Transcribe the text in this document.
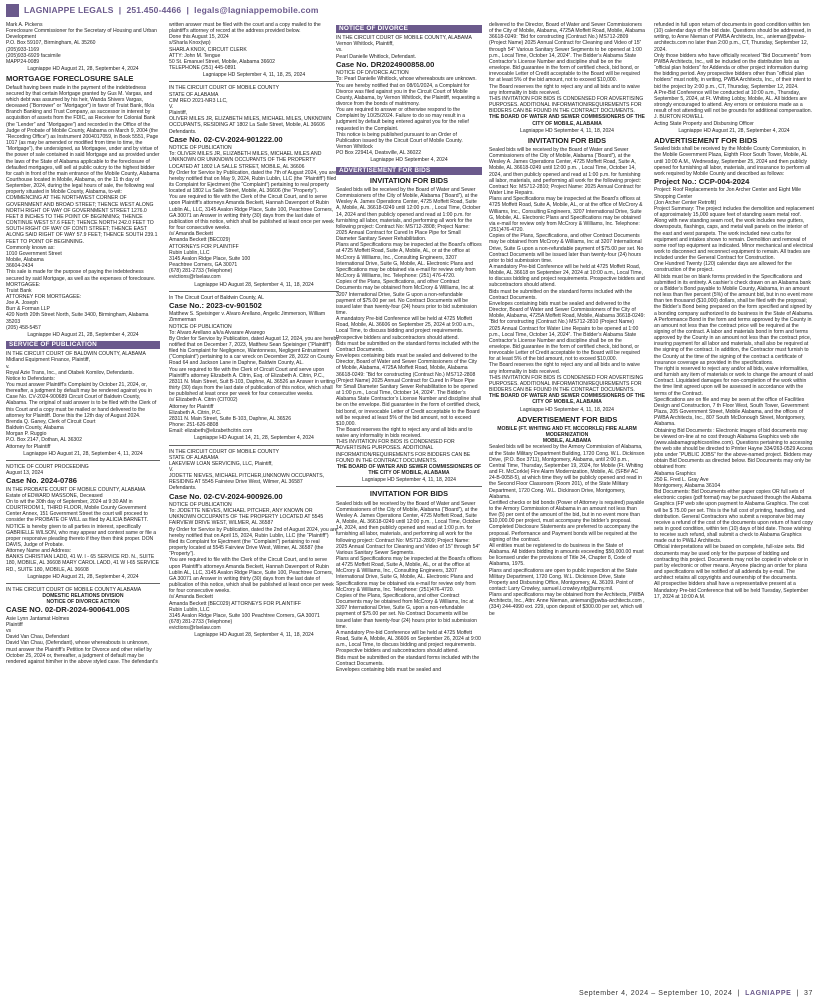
LAGNIAPPE LEGALS  |  251.450-4466  |  legals@lagniappemobile.com
Mark A. Pickens
Foreclosure Commissioner for the Secretary of Housing and Urban Development
P.O. Box 59107, Birmingham, AL 35260
(205)933-1169
(205)933-6929 facsimile
MAPP24-0089
Lagniappe HD August 21, 28, September 4, 2024
MORTGAGE FORECLOSURE SALE
Default having been made in the payment of the indebtedness secured by that certain Mortgage granted by Gus M. Vargas, and which debt was assumed by his heir, Wanda Shivers Vargas, deceased (“Borrower” or “Mortgagor”) in favor of Truist Bank, f/k/a Branch Banking and Trust Company, as successor in interest by acquisition of assets from the FDIC, as Receiver for Colonial Bank (the “Lender” and “Mortgagee”) and recorded in the Office of the Judge of Probate of Mobile County, Alabama on March 9, 2004 (the “Recording Office”) as Instrument 2004017059, in Book 5551, Page 1017 (as may be amended or modified from time to time, the “Mortgage”), the undersigned, as Mortgagee, under and by virtue of the power of sale contained in said Mortgage and as provided under the laws of the State of Alabama applicable to the foreclosure of defaulted mortgages, will sell at public outcry to the highest bidder for cash in front of the main entrance of the Mobile County, Alabama Courthouse located in Mobile, Alabama, on the 11 th day of September, 2024, during the legal hours of sale, the following real property situated in Mobile County, Alabama, to-wit:
COMMENCING AT THE NORTHWEST CORNER OF GOVERNMENT AND BROAD STREET; THENCE WEST ALONG NORTH RIGHT OF WAY OF GOVERNMENT STREET 1276.0 FEET 8 INCHES TO THE POINT OF BEGINNING; THENCE CONTINUE WEST 57.6 FEET; THENCE NORTH 242.0 FEET TO SOUTH RIGHT OF WAY OF CONTI STREET; THENCE EAST ALONG SAID RIGHT OF WAY 57.9 FEET; THENCE SOUTH 239.1 FEET TO POINT OF BEGINNING.
Commonly known as:
1010 Government Street
Mobile, Alabama
36604-2434
This sale is made for the purpose of paying the indebtedness secured by said Mortgage, as well as the expenses of foreclosure.
MORTGAGEE:
Truist Bank
ATTORNEY FOR MORTGAGEE:
Joe A. Joseph
Burr & Forman LLP
420 North 20th Street North, Suite 3400, Birmingham, Alabama 35203
(205) 458-5457
Lagniappe HD August 21, 28, September 4, 2024
SERVICE OF PUBLICATION
IN THE CIRCUIT COURT OF BALDWIN COUNTY, ALABAMA
Midland Equipment Finance, Plaintiff,
v.
Royal Azie Trans, Inc., and Otabek Komilov, Defendants.
Notice to Defendants:
You must answer Plaintiff’s Complaint by October 21, 2024, or, thereafter, a judgment by default may be rendered against you in Case No. CV-2024-900689 Circuit Court of Baldwin County, Alabama. The original of said answer is to be filed with the Clerk of this Court and a copy must be mailed or hand delivered to the attorney for Plaintiff. Done this the 12th day of August 2024.
Brenda Q. Ganey, Clerk of Circuit Court
Baldwin County, Alabama
Morgan P. Ruggio
P.O. Box 2147, Dothan, AL 36302
Attorney for Plaintiff
Lagniappe HD August 21, 28, September 4, 11, 2024
NOTICE OF COURT PROCEEDING
August 13, 2024
Case No. 2024-0786
IN THE PROBATE COURT OF MOBILE COUNTY, ALABAMA
Estate of EDWARD MASSONE, Deceased
On to wit the 30th day of September, 2024 at 9:30 AM in COURTROOM 1, THIRD FLOOR, Mobile County Government Center Annex, 151 Government Street the court will proceed to consider the PROBATE OF WILL as filed by ALICIA BARNETT. NOTICE is hereby given to all parties in interest, specifically GABRIELLE WILSON, who may appear and contest same or file a proper responsive pleading thereto if they then think proper. DON DAVIS, Judge of Probate.
Attorney Name and Address:
BANKS CHRISTIAN LADD, 41 W. I - 65 SERVICE RD. N., SUITE 180, MOBILE, AL 36608 MARY CAROL LADD, 41 W I-65 SERVICE RD., SUITE 180, MOBILE, AL 36608
Lagniappe HD August 21, 28, September 4, 2024
IN THE CIRCUIT COURT OF MOBILE COUNTY ALABAMA
DOMESTIC RELATIONS DIVISION
NOTICE OF DIVORCE ACTION
CASE NO. 02-DR-2024-900641.00S
Asie Lynn Jantamat Holmes
Plaintiff
vs
David Van Chau, Defendant
David Van Chau, (Defendant), whose whereabouts is unknown, must answer the Plaintiff’s Petition for Divorce and other relief by October 25, 2024 or, thereafter, a judgment of default may be rendered against him/her in the above styled case. The defendant’s
written answer must be filed with the court and a copy mailed to the plaintiff’s attorney of record at the address provided below.
Done this August 15, 2024
s/Sharla Knox(wp)
SHARLA KNOX, CIRCUIT CLERK
ATTY: John M. Tengue
50 St. Emanuel Street, Mobile, Alabama 36602
TELEPHONE (251) 445-0891
Lagniappe HD September 4, 11, 18, 25, 2024
IN THE CIRCUIT COURT OF MOBILE COUNTY
STATE OF ALABAMA
CIM REO 2021-NR3 LLC,
V.
Plaintiff,
OLIVER MILES JR, ELIZABETH MILES, MICHAEL MILES, UNKNOWN OCCUPANTS, RESIDING AT 1802 La Salle Street, Mobile, AL 36606
Defendants.
Case No. 02-CV-2024-901222.00
NOTICE OF PUBLICATION
To: OLIVER MILES JR, ELIZABETH MILES, MICHAEL MILES AND UNKNOWN OR UNKNOWN OCCUPANTS OF THE PROPERTY LOCATED AT 1802 LA SALLE STREET, MOBILE, AL 36606
By Order for Service by Publication, dated the 7th of August 2024, you are hereby notified that on May 9, 2024, Rubin Lublin, LLC (the “Plaintiff”) filed its Complaint for Ejectment (the “Complaint”) pertaining to real property located at 1802 La Salle Street, Mobile, AL 36606 (the “Property”).
You are required to file with the Clerk of the Circuit Court, and to serve upon Plaintiff’s attorneys Amanda Beckett, Hannah Davenport of Rubin Lublin AL, LLC, 3145 Avalon Ridge Place, Suite 100, Peachtree Corners, GA 30071 an Answer in writing thirty (30) days from the last date of publication of this notice, which shall be published at least once per week for four consecutive weeks.
/s/ Amanda Beckett
Amanda Beckett (BEC029)
ATTORNEYS FOR PLAINTIFF
Rubin Lublin, LLC
3145 Avalon Ridge Place, Suite 100
Peachtree Corners, GA 30071
(678) 281-2733 (Telephone)
evictions@rlselaw.com
Lagniappe HD August 28, September 4, 11, 18, 2024
In The Circuit Court of Baldwin County, AL
Case No.: 2023-cv-901502
Matthew S. Speisinger v. Alvaro Arellano, Angelic Jimmerson, William Zimmerman
NOTICE OF PUBLICATION
To: Alvaro Arellano a/k/a Alvarare Alvarego
By Order for Service by Publication, dated August 12, 2024, you are hereby notified that on December 7, 2023, Matthew Sean Speisinger (“Plaintiff”) filed his Complaint for Negligence, Wantonness, Negligent Entrustment (“Complaint”) pertaining to a car wreck on December 28, 2022 on County Road 64 and Jackson Lane in Daphne, Baldwin County, AL.
You are required to file with the Clerk of Circuit Court and serve upon Plaintiff’s attorney Elizabeth A. Citrin, Esq. of Elizabeth A. Citrin, P.C., 28311 N. Main Street, Suit B-103, Daphne, AL 36526 an Answer in writing thirty (30) days from the last date of publication of this notice, which shall be published at least once per week for four consecutive weeks.
/s/ Elizabeth A. Citrin (CIT002)
Attorney for Plaintiff
Elizabeth A. Citrin, P.C.
28311 N. Main Street, Suite B-103, Daphne, AL 36526
Phone: 251-626-8808
Email: elizabeth@elizabethcitrin.com
Lagniappe HD August 14, 21, 28, September 4, 2024
IN THE CIRCUIT COURT OF MOBILE COUNTY
STATE OF ALABAMA
LAKEVIEW LOAN SERVICING, LLC, Plaintiff,
V.
JODETTE NIEVES, MICHAEL PITCHER,UNKNOWN OCCUPANTS, RESIDING AT 5545 Fairview Drive West, Wilmer, AL 36587
Defendants.
Case No. 02-CV-2024-900926.00
NOTICE OF PUBLICATION
To: JODETTE NIEVES, MICHAEL PITCHER, ANY KNOWN OR UNKNOWN OCCUPANTS OF THE PROPERTY LOCATED AT 5545 FAIRVIEW DRIVE WEST, WILMER, AL 36587
By Order for Service by Publication, dated the 2nd of August 2024, you are hereby notified that on April 15, 2024, Rubin Lublin, LLC (the “Plaintiff”) filed its Complaint for Ejectment (the “Complaint”) pertaining to real property located at 5545 Fairview Drive West, Wilmer, AL 36587 (the “Property”).
You are required to file with the Clerk of the Circuit Court, and to serve upon Plaintiff’s attorneys Amanda Beckett, Hannah Davenport of Rubin Lublin AL, LLC, 3145 Avalon Ridge Place, Suite 100, Peachtree Corners, GA 30071 an Answer in writing thirty (30) days from the last date of publication of this notice, which shall be published at least once per week for four consecutive weeks.
/s/ Amanda Beckett
Amanda Beckett (BEC029) ATTORNEYS FOR PLAINTIFF
Rubin Lublin, LLC
3145 Avalon Ridge Place, Suite 100 Peachtree Corners, GA 30071
(678) 281-2733 (Telephone)
evictions@rlselaw.com
Lagniappe HD August 28, September 4, 11, 18, 2024
NOTICE OF DIVORCE
IN THE CIRCUIT COURT OF MOBILE COUNTY, ALABAMA
Vernon Whitlock, Plaintiff,
vs.
Pearl Danielle Whitlock, Defendant.
Case No. DR2024900858.00
NOTICE OF DIVORCE ACTION
To: Pearl Danielle Whitlock, whose whereabouts are unknown.
You are hereby notified that on 08/01/2024, a Complaint for Divorce was filed against you in the Circuit Court of Mobile County, Alabama, by Vernon Whitlock, the Plaintiff, requesting a divorce from the bonds of matrimony.
You are required to answer or otherwise respond to the Complaint by 10/25/2024. Failure to do so may result in a judgment by default being entered against you for the relief requested in the Complaint.
This notice is being published pursuant to an Order of Publication issued by the Circuit Court of Mobile County.
Vernon Whitlock
PO Box 229414, Deatsville, AL 36022
Lagniappe HD September 4, 2024
ADVERTISEMENT FOR BIDS
INVITATION FOR BIDS
Sealed bids will be received by the Board of Water and Sewer Commissioners of the City of Mobile, Alabama (“Board”), at the Wesley A. James Operations Center, 4725 Moffett Road, Suite A, Mobile, AL 36618-0249 until 12:00 p.m. , Local Time, October 14, 2024 and then publicly opened and read at 1:00 p.m. for furnishing all labor, materials, and performing all work for the following project: Contract No: MS712-2808; Project Name: 2025 Annual Contract for Cured In Place Pipe for Small Diameter Sanitary Sewer Rehabilitation.
Plans and Specifications may be inspected at the Board’s offices at 4725 Moffett Road, Suite A, Mobile, AL, or at the office at McCrory & Williams, Inc., Consulting Engineers, 3207 International Drive, Suite G, Mobile, AL. Electronic Plans and Specifications may be obtained via e-mail for review only from McCrory & Williams, Inc. Telephone: (251) 476-4720.
Copies of the Plans, Specifications, and other Contract Documents may be obtained from McCrory & Williams, Inc at 3207 International Drive, Suite G upon a non-refundable payment of $75.00 per set. No Contract Documents will be issued later than twenty-four (24) hours prior to bid submission time.
A mandatory Pre-bid Conference will be held at 4725 Moffett Road, Mobile, AL 36606 on September 25, 2024 at 9:00 a.m., Local Time, to discuss bidding and project requirements. Prospective bidders and subcontractors should attend.
Bids must be submitted on the standard forms included with the Contract Documents.
Envelopes containing bids must be sealed and delivered to the Director, Board of Water and Sewer Commissioners of the City of Mobile, Alabama, 4725A Moffett Road, Mobile, Alabama 36618-0249: “Bid for constructing (Contract No.) MS712-2808 (Project Name) 2025 Annual Contract for Cured In Place Pipe for Small Diameter Sanitary Sewer Rehabilitation to be opened at 1:00 p.m., Local Time, October 14, 2024”. The Bidder’s Alabama State Contractor’s License Number and discipline shall be on the envelope. Bid guarantee in the form of certified check, bid bond, or irrevocable Letter of Credit acceptable to the Board will be required at least 5% of the bid amount, not to exceed $10,000.
The Board reserves the right to reject any and all bids and to waive any informality in bids received.
THIS INVITATION FOR BIDS IS CONDENSED FOR ADVERTISING PURPOSES. ADDITIONAL INFORMATION/REQUIREMENTS FOR BIDDERS CAN BE FOUND IN THE CONTRACT DOCUMENTS.
THE BOARD OF WATER AND SEWER COMMISSIONERS OF THE CITY OF MOBILE, ALABAMA
Lagniappe HD September 4, 11, 18, 2024
INVITATION FOR BIDS
Sealed bids will be received by the Board of Water and Sewer Commissioners of the City of Mobile, Alabama (“Board”), at the Wesley A. James Operations Center, 4725 Moffett Road, Suite A, Mobile, AL 36618-0249 until 12:00 p.m. , Local Time, October 14, 2024, and then publicly opened and read at 1:00 p.m. for furnishing all labor, materials, and performing all work for the following project: Contract No: MS712-2809; Project Name: 2025 Annual Contract for Cleaning and Video of 15” through 54” Various Sanitary Sewer Segments.
Plans and Specifications may be inspected at the Board’s offices at 4725 Moffett Road, Suite A, Mobile, AL, or at the office at McCrory & Williams, Inc., Consulting Engineers, 3207 International Drive, Suite G, Mobile, AL. Electronic Plans and Specifications may be obtained via e-mail for review only from McCrory & Williams, Inc. Telephone: (251)476-4720.
Copies of the Plans, Specifications, and other Contract Documents may be obtained from McCrory & Williams, Inc at 3207 International Drive, Suite G, upon a non-refundable payment of $75.00 per set. No Contract Documents will be issued later than twenty-four (24) hours prior to bid submission time.
A mandatory Pre-bid Conference will be held at 4725 Moffett Road, Suite A, Mobile, AL 36606 on September 26, 2024 at 9:00 a.m., Local Time, to discuss bidding and project requirements. Prospective bidders and subcontractors should attend.
Bids must be submitted on the standard forms included with the Contract Documents.
Envelopes containing bids must be sealed and
delivered to the Director, Board of Water and Sewer Commissioners of the City of Mobile, Alabama, 4725A Moffett Road, Mobile, Alabama 36618-0249: “Bid for constructing (Contract No.) MS712-2809 (Project Name) 2025 Annual Contract for Cleaning and Video of 15” through 54” Various Sanitary Sewer Segments to be opened at 1:00 p.m., Local Time, October 14, 2024”. The Bidder’s Alabama State Contractor’s License Number and discipline shall be on the envelope. Bid guarantee in the form of certified check, bid bond, or irrevocable Letter of Credit acceptable to the Board will be required for at least 5% of the bid amount, not to exceed $10,000.
The Board reserves the right to reject any and all bids and to waive any informality in bids received.
THIS INVITATION FOR BIDS IS CONDENSED FOR ADVERTISING PURPOSES. ADDITIONAL INFORMATION/REQUIREMENTS FOR BIDDERS CAN BE FOUND IN THE CONTRACT DOCUMENTS.
THE BOARD OF WATER AND SEWER COMMISSIONERS OF THE CITY OF MOBILE, ALABAMA
Lagniappe HD September 4, 11, 18, 2024
INVITATION FOR BIDS
Sealed bids will be received by the Board of Water and Sewer Commissioners of the City of Mobile, Alabama (“Board”), at the Wesley A. James Operations Center, 4725 Moffett Road, Suite A, Mobile, AL 36618-0249 until 12:00 p.m. , Local Time, October 14, 2024, and then publicly opened and read at 1:00 p.m. for furnishing all labor, materials, and performing all work for the following project: Contract No: MS712-2810; Project Name: 2025 Annual Contract for Water Line Repairs.
Plans and Specifications may be inspected at the Board’s offices at 4725 Moffett Road, Suite A, Mobile, AL, or at the office of McCrory & Williams, Inc., Consulting Engineers, 3207 International Drive, Suite G, Mobile, AL. Electronic Plans and Specifications may be obtained via e-mail for review only from McCrory & Williams, Inc. Telephone: (251)476-4720.
Copies of the Plans, Specifications, and other Contract Documents may be obtained from McCrory & Williams, Inc at 3207 International Drive, Suite G upon a non-refundable payment of $75.00 per set. No Contract Documents will be issued later than twenty-four (24) hours prior to bid submission time.
A mandatory Pre-bid Conference will be held at 4725 Moffett Road, Mobile, AL 36618 on September 24, 2024 at 10:00 a.m., Local Time, to discuss bidding and project requirements. Prospective bidders and subcontractors should attend.
Bids must be submitted on the standard forms included with the Contract Documents.
Envelopes containing bids must be sealed and delivered to the Director, Board of Water and Sewer Commissioners of the City of Mobile, Alabama, 4725A Moffett Road, Mobile, Alabama 36618-0249: “Bid for constructing (Contract No.) MS712-2810 (Project Name) 2025 Annual Contract for Water Line Repairs to be opened at 1:00 p.m., Local Time, October 14, 2024”. The Bidder’s Alabama State Contractor’s License Number and discipline shall be on the envelope. Bid guarantee in the form of certified check, bid bond, or irrevocable Letter of Credit acceptable to the Board will be required for at least 5% of the bid amount, not to exceed $10,000.
The Board reserves the right to reject any and all bids and to waive any informality in bids received.
THIS INVITATION FOR BIDS IS CONDENSED FOR ADVERTISING PURPOSES. ADDITIONAL INFORMATION/REQUIREMENTS FOR BIDDERS CAN BE FOUND IN THE CONTRACT DOCUMENTS.
THE BOARD OF WATER AND SEWER COMMISSIONERS OF THE CITY OF MOBILE, ALABAMA
Lagniappe HD September 4, 11, 18, 2024
ADVERTISEMENT FOR BIDS
MOBILE (FT. WHITING AND FT. MCCORKLE) FIRE ALARM MODERNIZATION
MOBILE, ALABAMA
Sealed bids will be received by the Armory Commission of Alabama, at the State Military Department Building, 1720 Cong. W.L. Dickinson Drive, (P.O. Box 3711), Montgomery, Alabama, until 2:00 p.m., Central Time, Thursday, September 19, 2024, for Mobile (Ft. Whiting and Ft. McCorkle) Fire Alarm Modernization, Mobile, AL (SFB# AC 24-B-0058-5), at which time they will be publicly opened and read in the Second Floor Classroom (Room 201), of the State Military Department, 1720 Cong. W.L. Dickinson Drive, Montgomery, Alabama.
Certified checks or bid bonds (Power of Attorney is required) payable to the Armory Commission of Alabama in an amount not less than five (5) per cent of the amount of the bid, but in no event more than $10,000.00 per project, must accompany the bidder’s proposal. Completed Disclosure Statements are preferred to accompany the proposal. Performance and Payment bonds will be required at the signing of the contract.
All entities must be registered to do business in the State of Alabama. All bidders bidding in amounts exceeding $50,000.00 must be licensed under the provisions of Title 34, Chapter 8, Code of Alabama, 1975.
Plans and specifications are open to public inspection at the State Military Department, 1720 Cong. W.L. Dickinson Drive, State Property and Disbursing Office, Montgomery, AL 36109. Point of contact: Larry Crowley, samuel.l.crowley.nfg@army.mil.
Plans and specifications may be obtained from the Architects, PWBA Architects, Inc., Attn: Anne Nieman, anieman@pwba-architects.com , (334) 244-4990 ext. 229, upon deposit of $300.00 per set, which will be
refunded in full upon return of documents in good condition within ten (10) calendar days of the bid date. Questions should be addressed, in writing, to Anne Nieman of PWBA Architects, Inc., anieman@pwba-architects.com no later than 2:00 p.m., CT, Thursday, September 12, 2024.
Only those bidders who have officially received “Bid Documents” from PWBA Architects, Inc., will be included on the distribution lists as “official plan holders” for Addenda or other project information during the bidding period. Any prospective bidders other than “official plan holders” must notify, in writing, PWBA Architects, Inc., of their intent to bid the project by 2:00 p.m., CT, Thursday, September 12, 2024.
A Pre-Bid Conference will be conducted at 10:00 a.m., Thursday, September 5, 2024, at Ft. Whiting Lobby, Mobile, AL. All bidders are strongly encouraged to attend. Any errors or omissions made as a result of not attending will not be grounds for additional compensation.
J. BURTON ROWELL
Acting State Property and Disbursing Officer
Lagniappe HD August 21, 28, September 4, 2024
ADVERTISEMENT FOR BIDS
Sealed bids shall be received by the Mobile County Commission, in the Mobile Government Plaza, Eighth Floor South Tower, Mobile, AL until 10:00 A.M., Wednesday, September 25, 2024 and then publicly opened for furnishing all labor, materials, and insurance to perform all work required by Mobile County and described as follows:
Project No.: CCP-004-2024
Project: Roof Replacements for Jon Archer Center and Eight Mile Shopping Center
(Jon Archer Center Retrofit)
Project Summary: The project includes the demolition and replacement of approximately 15,000 square feet of standing seam metal roof. Along with new standing seam roof, the work includes new gutters, downspouts, flashings, caps, and metal wall panels on the interior of the east and west parapets. The work included new curbs for equipment and intakes shown to remain. Demolition and removal of some roof top equipment as indicated. Minor mechanical and electrical work to disconnect and reconnect equipment to remain. All trades are included under the General Contract for Construction.
One Hundred Twenty (120) calendar days are allowed for the construction of the project.
All bids must be on blank forms provided in the Specifications and submitted in its entirety. A cashier’s check drawn on an Alabama bank or a Bidder’s Bond payable to Mobile County, Alabama, in an amount not less than five percent (5%) of the amount bid, but in no event more than ten thousand ($10,000) dollars, shall be filed with the proposal; the Bidder’s Bond being prepared on the form specified and signed by a bonding company authorized to do business in the State of Alabama.
A Performance Bond in the form and terms approved by the County in an amount not less than the contract price will be required at the signing of the contract. A labor and materials bond in form and terms approved by the County in an amount not less than the contract price, insuring payment for all labor and materials, shall also be required at the signing of the contract. In addition, the Contractor must furnish to the County at the time of the signing of the contract a certificate of insurance coverage as provided in the specifications.
The right is reserved to reject any and/or all bids, waive informalities, and furnish any item of materials or work to change the amount of said Contract. Liquidated damages for non-completion of the work within the time limit agreed upon will be assessed in accordance with the terms of the Contract.
Specifications are on file and may be seen at the office of Facilities Design and Construction, 7 th Floor West, South Tower, Government Plaza, 205 Government Street, Mobile Alabama, and the offices of PWBA Architects, Inc., 807 South McDonough Street, Montgomery, Alabama.
Obtaining Bid Documents : Electronic images of bid documents may be viewed on-line at no cost through Alabama Graphics web site (www.alabamagraphicsonline.com). Questions pertaining to accessing the web site should be directed to Printer Hayne 334/263-0529 Access jobs under “PUBLIC JOBS” for the above-named project. Bidders may obtain Bid Documents as directed below. Bid Documents may only be obtained from:
Alabama Graphics
250 E. Fred L. Gray Ave
Montgomery, Alabama 36104
Bid Documents: Bid Documents either paper copies OR full sets of electronic copies (pdf format) may be purchased through the Alabama Graphics (FP web site upon payment to Alabama Graphics. The cost will be $ 75.00 per set. This is the full cost of printing, handling, and distribution. General Contractors who submit a responsive bid may receive a refund of the cost of the documents upon return of hard copy sets in good condition, within ten (10) days of bid date. Those wishing to receive such refund, shall submit a check to Alabama Graphics made out to PW&J Architects.
Official interpretations will be based on complete, full-size sets. Bid documents may be used only for the purpose of bidding and contracting this project. Documents may not be copied in whole or in part by electronic or other means. Anyone placing an order for plans and specifications will be notified of all addenda by e-mail. The architect retains all copyrights and ownership of the documents.
All prospective bidders shall have a representative present at a Mandatory Pre-bid Conference that will be held Tuesday, September 17, 2024 at 10:00 A.M.
September 4, 2024 – September 10, 2024  |  LAGNIAPPE  |  37
